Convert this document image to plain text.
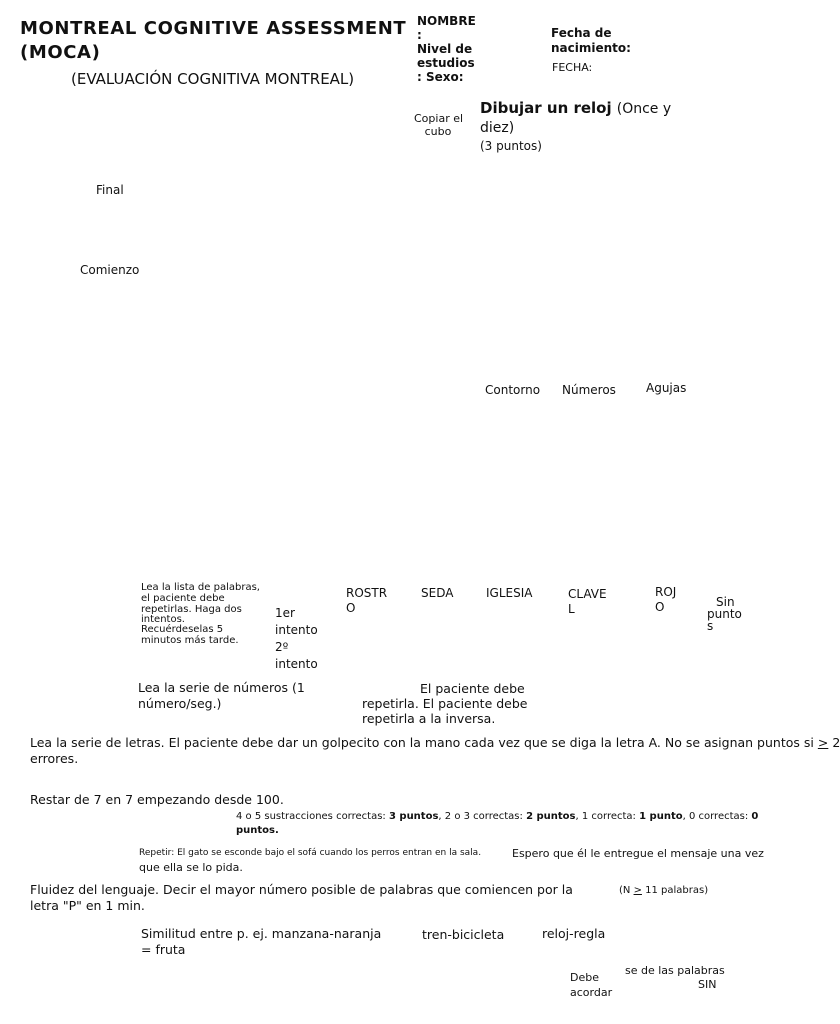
MONTREAL COGNITIVE ASSESSMENT
(MOCA)
(EVALUACIÓN COGNITIVA MONTREAL)
NOMBRE
:
Nivel de
estudios
: Sexo:
Fecha de
nacimiento:
FECHA:
Copiar el
cubo
Dibujar un reloj (Once y
diez)
(3 puntos)
Final
Comienzo
Contorno Números	Agujas
Lea la lista de palabras,
el paciente debe
repetirlas. Haga dos
intentos.
Recuérdeselas 5
minutos más tarde.
1er
intento
2º
intento
ROSTR
O
SEDA	IGLESIA	CLAVE
L
ROJ
O	Sin
punto
s
Lea la serie de números (1
número/seg.)
El paciente debe
repetirla. El paciente debe
repetirla a la inversa.
Lea la serie de letras. El paciente debe dar un golpecito con la mano cada vez que se diga la letra A. No se asignan puntos si > 2
errores.
Restar de 7 en 7 empezando desde 100.
4 o 5 sustracciones correctas: 3 puntos, 2 o 3 correctas: 2 puntos, 1 correcta: 1 punto, 0 correctas: 0
puntos.
Repetir: El gato se esconde bajo el sofá cuando los perros entran en la sala.	Espero que él le entregue el mensaje una vez
que ella se lo pida.
Fluidez del lenguaje. Decir el mayor número posible de palabras que comiencen por la
letra "P" en 1 min.
(N > 11 palabras)
Similitud entre p. ej. manzana-naranja
= fruta
tren-bicicleta	reloj-regla
Debe
acordar
se de las palabras
SIN
